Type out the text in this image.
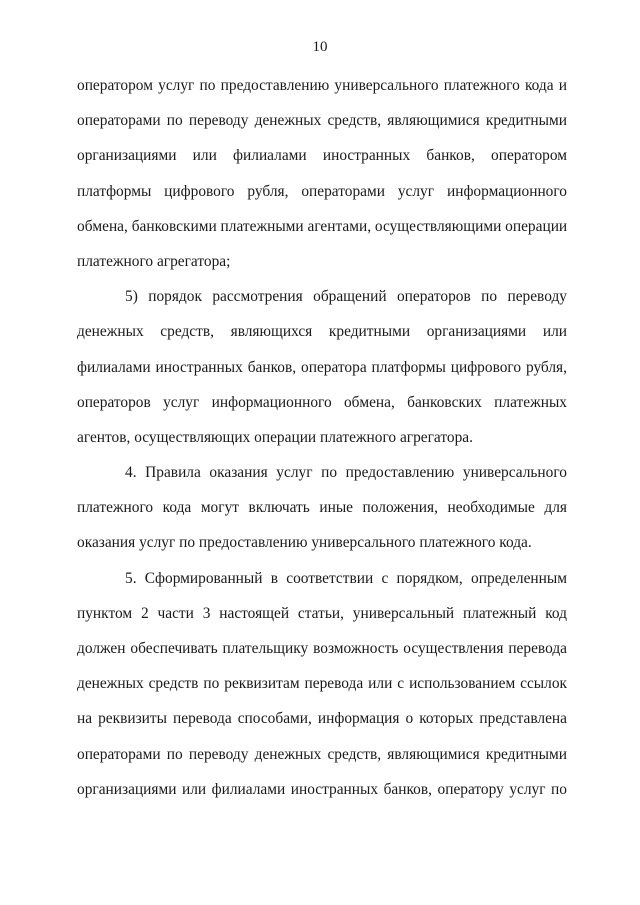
10
оператором услуг по предоставлению универсального платежного кода и
операторами по переводу денежных средств, являющимися кредитными
организациями или филиалами иностранных банков, оператором
платформы цифрового рубля, операторами услуг информационного
обмена, банковскими платежными агентами, осуществляющими операции
платежного агрегатора;
5) порядок рассмотрения обращений операторов по переводу
денежных средств, являющихся кредитными организациями или
филиалами иностранных банков, оператора платформы цифрового рубля,
операторов услуг информационного обмена, банковских платежных
агентов, осуществляющих операции платежного агрегатора.
4. Правила оказания услуг по предоставлению универсального
платежного кода могут включать иные положения, необходимые для
оказания услуг по предоставлению универсального платежного кода.
5. Сформированный в соответствии с порядком, определенным
пунктом 2 части 3 настоящей статьи, универсальный платежный код
должен обеспечивать плательщику возможность осуществления перевода
денежных средств по реквизитам перевода или с использованием ссылок
на реквизиты перевода способами, информация о которых представлена
операторами по переводу денежных средств, являющимися кредитными
организациями или филиалами иностранных банков, оператору услуг по
